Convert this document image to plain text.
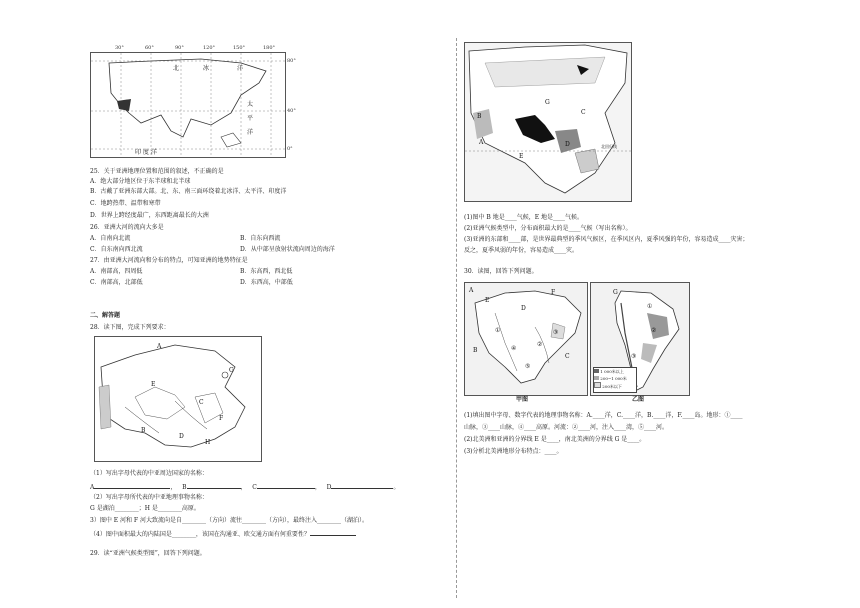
30°	60°	90°	120°	150°	180°
80°
40°
0°
北	冰	洋
太
平
洋
印 度 洋
25．关于亚洲地理位置和范围的叙述，不正确的是
A．绝大部分地区位于东半球和北半球
B．古戴了亚洲东部大部。北、东、南三面环绕着北冰洋、太平洋、印度洋
C．地跨热带、温带和寒带
D．世界上跨经度最广，东西距离最长的大洲
26．亚洲大河的流向大多是
A．自南向北流	B．自东向西流
C．自东南向西北流	D．从中部呈放射状流向周边的海洋
27．由亚洲大河流向和分布的特点，可知亚洲的地势特征是
A．南部高，四周低	B．东高西，西北低
C．南部高，北部低	D．东西高，中部低
二、解答题
28．读下图，完成下列要求：
A
B
C
D
E
F
G
H
（1）写出字母代表的中亚周边国家的名称：
A	，   B	，   C	，   D	。
（2）写出字母所代表的中亚地理事物名称：
G 是湖泊________；H 是________高原。
3）图中 E 河和 F 河大致流向是自________（方向）流往________（方向），最终注入________（湖泊）。
（4）图中面积最大的内陆国是________，该国在沟通亚、欧交通方面有何重要性？
29．读“亚洲气候类型图”，回答下列问题。
B
A
E
G
D
C
北回归线
(1)图中 B 地是____气候，E 地是____气候。
(2)亚洲气候类型中，分布面积最大的是____气候（写出名称）。
(3)亚洲的东部和____部，是世界最典型的季风气候区，在季风区内，夏季风强的年份，容易造成____灾害；
反之，夏季风弱的年份，容易造成____灾。
30．读图，回答下列问题。
A	F
B
C
D
E
①
②
③
④
⑤
甲图
G
①
②
③
1 000米以上
200~1 000米
200米以下
乙图
(1)填出图中字母、数字代表的地理事物名称：A.____洋，C.____洋，B.____洋，F.____岛。地形：①____
山脉，③____山脉，④____高原。河流：②____河，注入____湾，⑤____河。
(2)北美洲和亚洲的分界线 E 是____，南北美洲的分界线 G 是____。
(3)分析北美洲地形分布特点：____。
